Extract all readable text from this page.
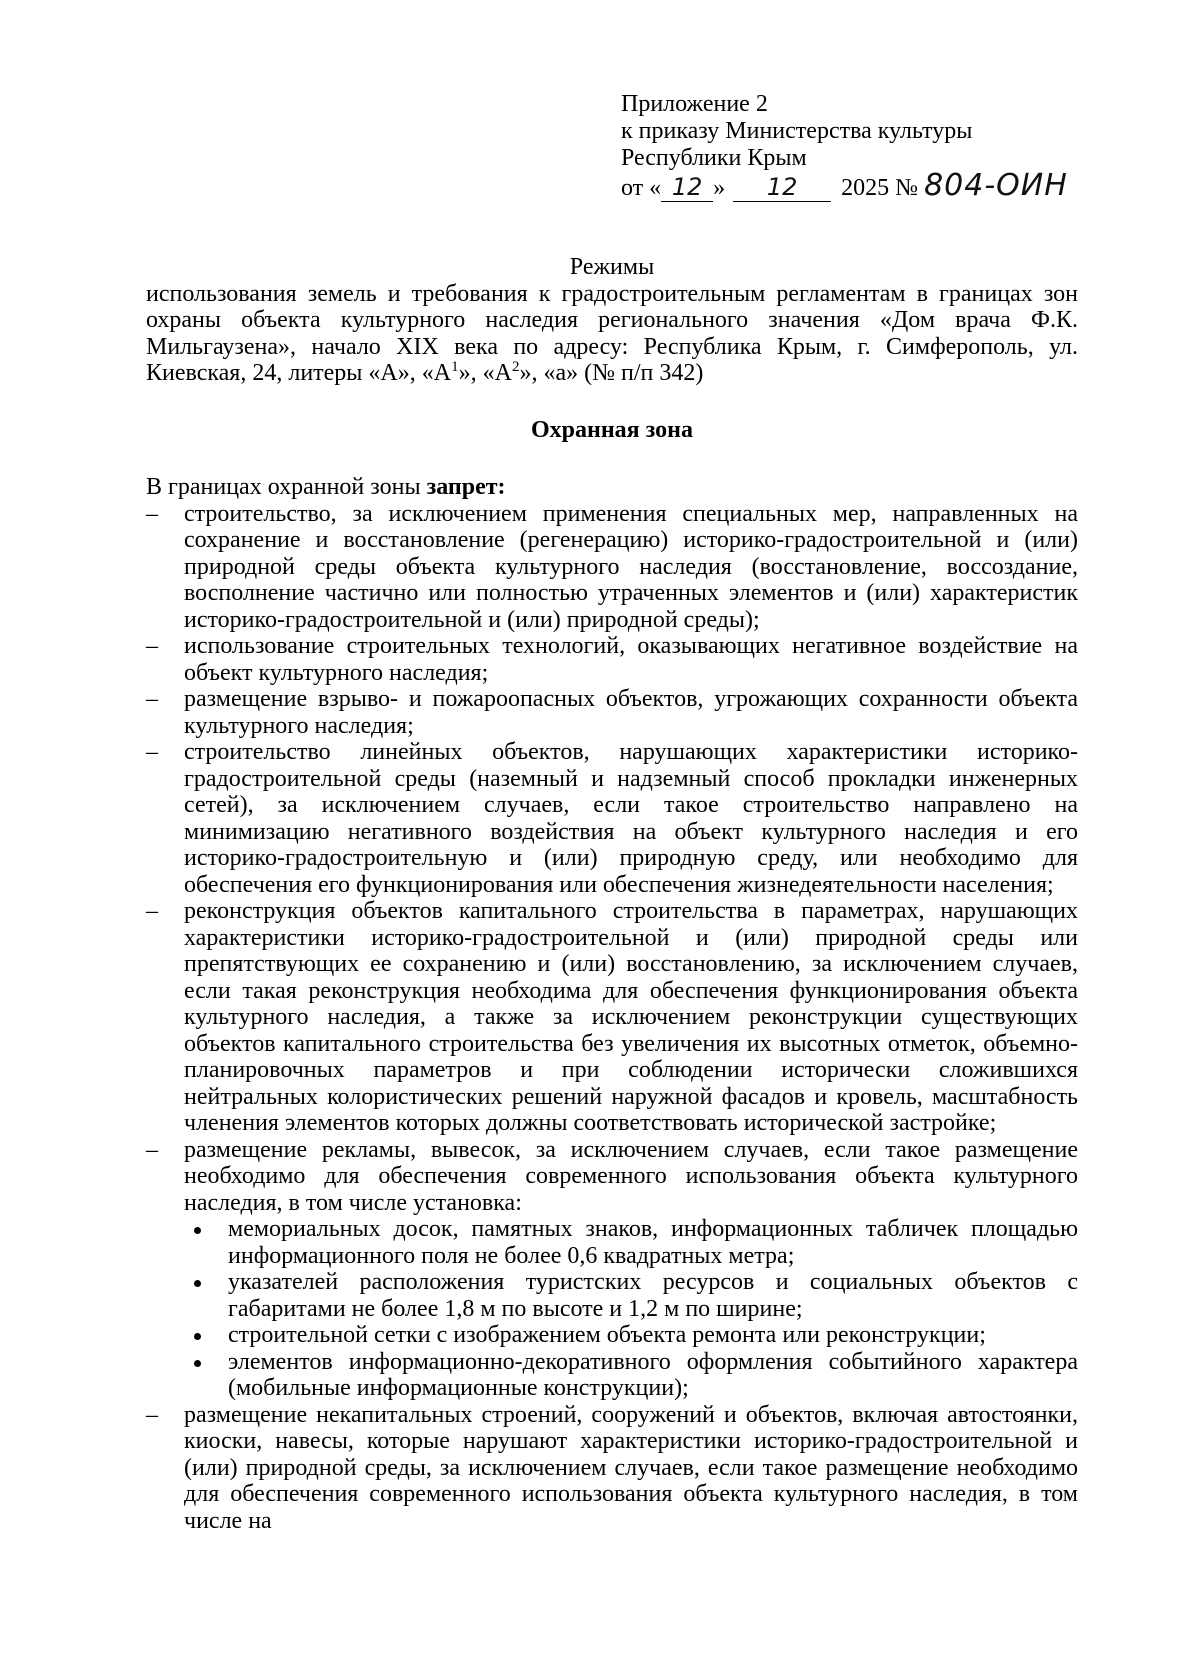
Приложение 2
к приказу Министерства культуры
Республики Крым
от « 12 » 12 2025 № 804-ОИН
Режимы
использования земель и требования к градостроительным регламентам в границах зон охраны объекта культурного наследия регионального значения «Дом врача Ф.К. Мильгаузена», начало XIX века по адресу: Республика Крым, г. Симферополь, ул. Киевская, 24, литеры «А», «$А^1$», «$А^2$», «а» (№ п/п 342)
Охранная зона
В границах охранной зоны запрет:
– строительство, за исключением применения специальных мер, направленных на сохранение и восстановление (регенерацию) историко-градостроительной и (или) природной среды объекта культурного наследия (восстановление, воссоздание, восполнение частично или полностью утраченных элементов и (или) характеристик историко-градостроительной и (или) природной среды);
– использование строительных технологий, оказывающих негативное воздействие на объект культурного наследия;
– размещение взрыво- и пожароопасных объектов, угрожающих сохранности объекта культурного наследия;
– строительство линейных объектов, нарушающих характеристики историко-градостроительной среды (наземный и надземный способ прокладки инженерных сетей), за исключением случаев, если такое строительство направлено на минимизацию негативного воздействия на объект культурного наследия и его историко-градостроительную и (или) природную среду, или необходимо для обеспечения его функционирования или обеспечения жизнедеятельности населения;
– реконструкция объектов капитального строительства в параметрах, нарушающих характеристики историко-градостроительной и (или) природной среды или препятствующих ее сохранению и (или) восстановлению, за исключением случаев, если такая реконструкция необходима для обеспечения функционирования объекта культурного наследия, а также за исключением реконструкции существующих объектов капитального строительства без увеличения их высотных отметок, объемно-планировочных параметров и при соблюдении исторически сложившихся нейтральных колористических решений наружной фасадов и кровель, масштабность членения элементов которых должны соответствовать исторической застройке;
– размещение рекламы, вывесок, за исключением случаев, если такое размещение необходимо для обеспечения современного использования объекта культурного наследия, в том числе установка:
мемориальных досок, памятных знаков, информационных табличек площадью информационного поля не более 0,6 квадратных метра;
указателей расположения туристских ресурсов и социальных объектов с габаритами не более 1,8 м по высоте и 1,2 м по ширине;
строительной сетки с изображением объекта ремонта или реконструкции;
элементов информационно-декоративного оформления событийного характера (мобильные информационные конструкции);
– размещение некапитальных строений, сооружений и объектов, включая автостоянки, киоски, навесы, которые нарушают характеристики историко-градостроительной и (или) природной среды, за исключением случаев, если такое размещение необходимо для обеспечения современного использования объекта культурного наследия, в том числе на
